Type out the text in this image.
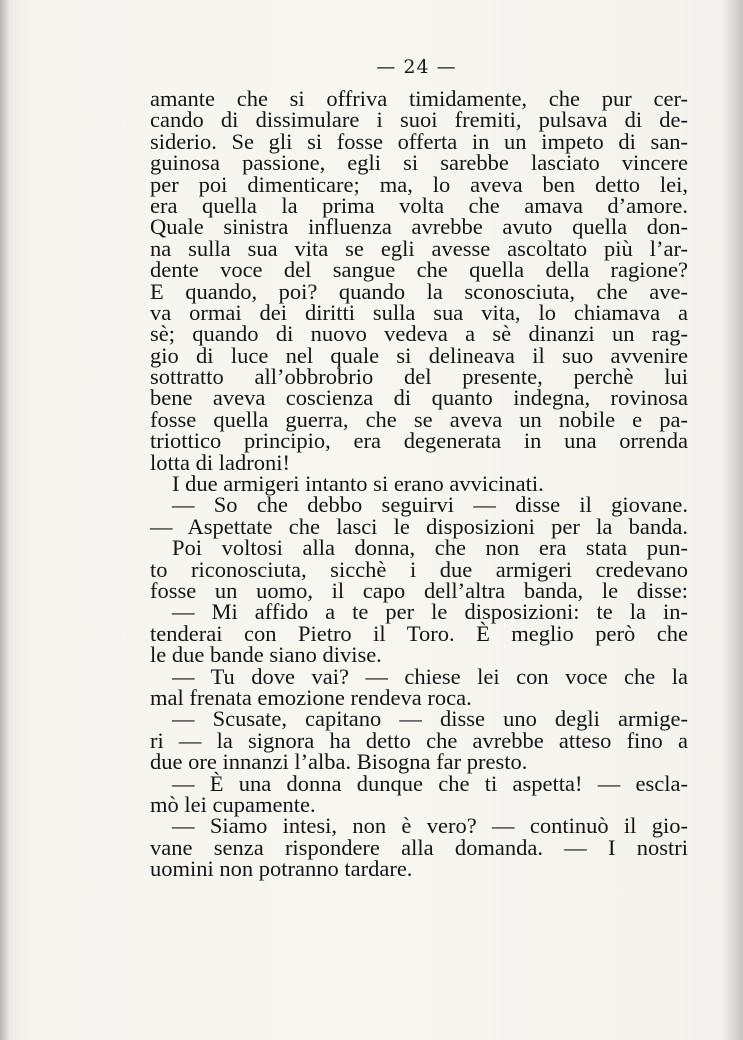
— 24 —
amante che si offriva timidamente, che pur cer-
cando di dissimulare i suoi fremiti, pulsava di de-
siderio. Se gli si fosse offerta in un impeto di san-
guinosa passione, egli si sarebbe lasciato vincere
per poi dimenticare; ma, lo aveva ben detto lei,
era quella la prima volta che amava d’amore.
Quale sinistra influenza avrebbe avuto quella don-
na sulla sua vita se egli avesse ascoltato più l’ar-
dente voce del sangue che quella della ragione?
E quando, poi? quando la sconosciuta, che ave-
va ormai dei diritti sulla sua vita, lo chiamava a
sè; quando di nuovo vedeva a sè dinanzi un rag-
gio di luce nel quale si delineava il suo avvenire
sottratto all’obbrobrio del presente, perchè lui
bene aveva coscienza di quanto indegna, rovinosa
fosse quella guerra, che se aveva un nobile e pa-
triottico principio, era degenerata in una orrenda
lotta di ladroni!
I due armigeri intanto si erano avvicinati.
— So che debbo seguirvi — disse il giovane.
— Aspettate che lasci le disposizioni per la banda.
Poi voltosi alla donna, che non era stata pun-
to riconosciuta, sicchè i due armigeri credevano
fosse un uomo, il capo dell’altra banda, le disse:
— Mi affido a te per le disposizioni: te la in-
tenderai con Pietro il Toro. È meglio però che
le due bande siano divise.
— Tu dove vai? — chiese lei con voce che la
mal frenata emozione rendeva roca.
— Scusate, capitano — disse uno degli armige-
ri — la signora ha detto che avrebbe atteso fino a
due ore innanzi l’alba. Bisogna far presto.
— È una donna dunque che ti aspetta! — escla-
mò lei cupamente.
— Siamo intesi, non è vero? — continuò il gio-
vane senza rispondere alla domanda. — I nostri
uomini non potranno tardare.
